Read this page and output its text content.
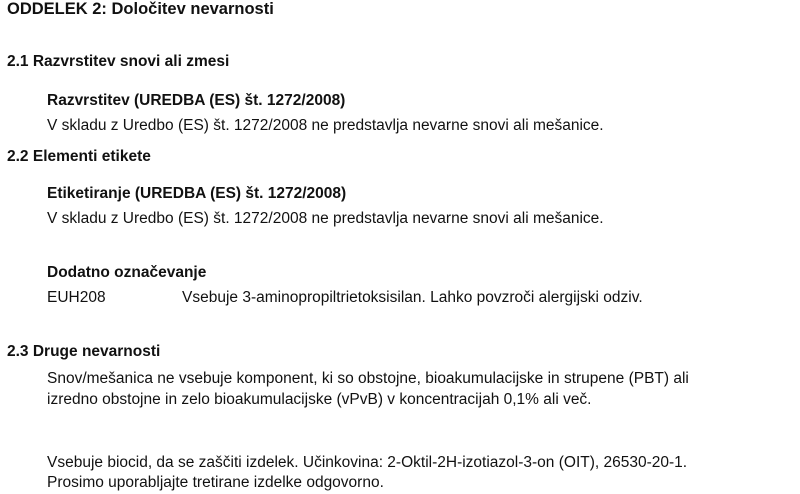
ODDELEK 2: Določitev nevarnosti
2.1 Razvrstitev snovi ali zmesi
Razvrstitev (UREDBA (ES) št. 1272/2008)
V skladu z Uredbo (ES) št. 1272/2008 ne predstavlja nevarne snovi ali mešanice.
2.2 Elementi etikete
Etiketiranje (UREDBA (ES) št. 1272/2008)
V skladu z Uredbo (ES) št. 1272/2008 ne predstavlja nevarne snovi ali mešanice.
Dodatno označevanje
EUH208	Vsebuje 3-aminopropiltrietoksisilan. Lahko povzroči alergijski odziv.
2.3 Druge nevarnosti
Snov/mešanica ne vsebuje komponent, ki so obstojne, bioakumulacijske in strupene (PBT) ali
izredno obstojne in zelo bioakumulacijske (vPvB) v koncentracijah 0,1% ali več.
Vsebuje biocid, da se zaščiti izdelek. Učinkovina: 2-Oktil-2H-izotiazol-3-on (OIT), 26530-20-1.
Prosimo uporabljajte tretirane izdelke odgovorno.
